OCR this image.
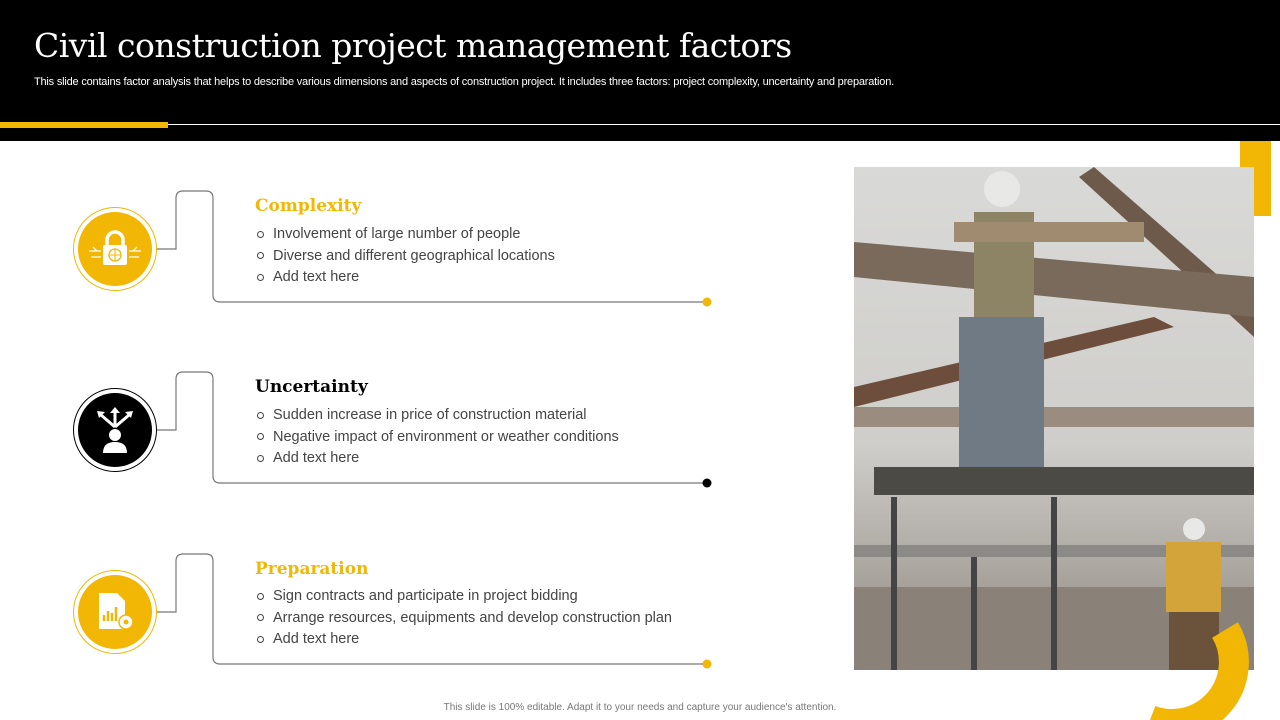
Civil construction project management factors
This slide contains factor analysis that helps to describe various dimensions and aspects of construction project. It includes three factors: project complexity, uncertainty and preparation.
Complexity
Involvement of large number of people
Diverse and different geographical locations
Add text here
Uncertainty
Sudden increase in price of construction material
Negative impact of environment or weather conditions
Add text here
Preparation
Sign contracts and participate in project bidding
Arrange resources, equipments and develop construction plan
Add text here
This slide is 100% editable. Adapt it to your needs and capture your audience's attention.
